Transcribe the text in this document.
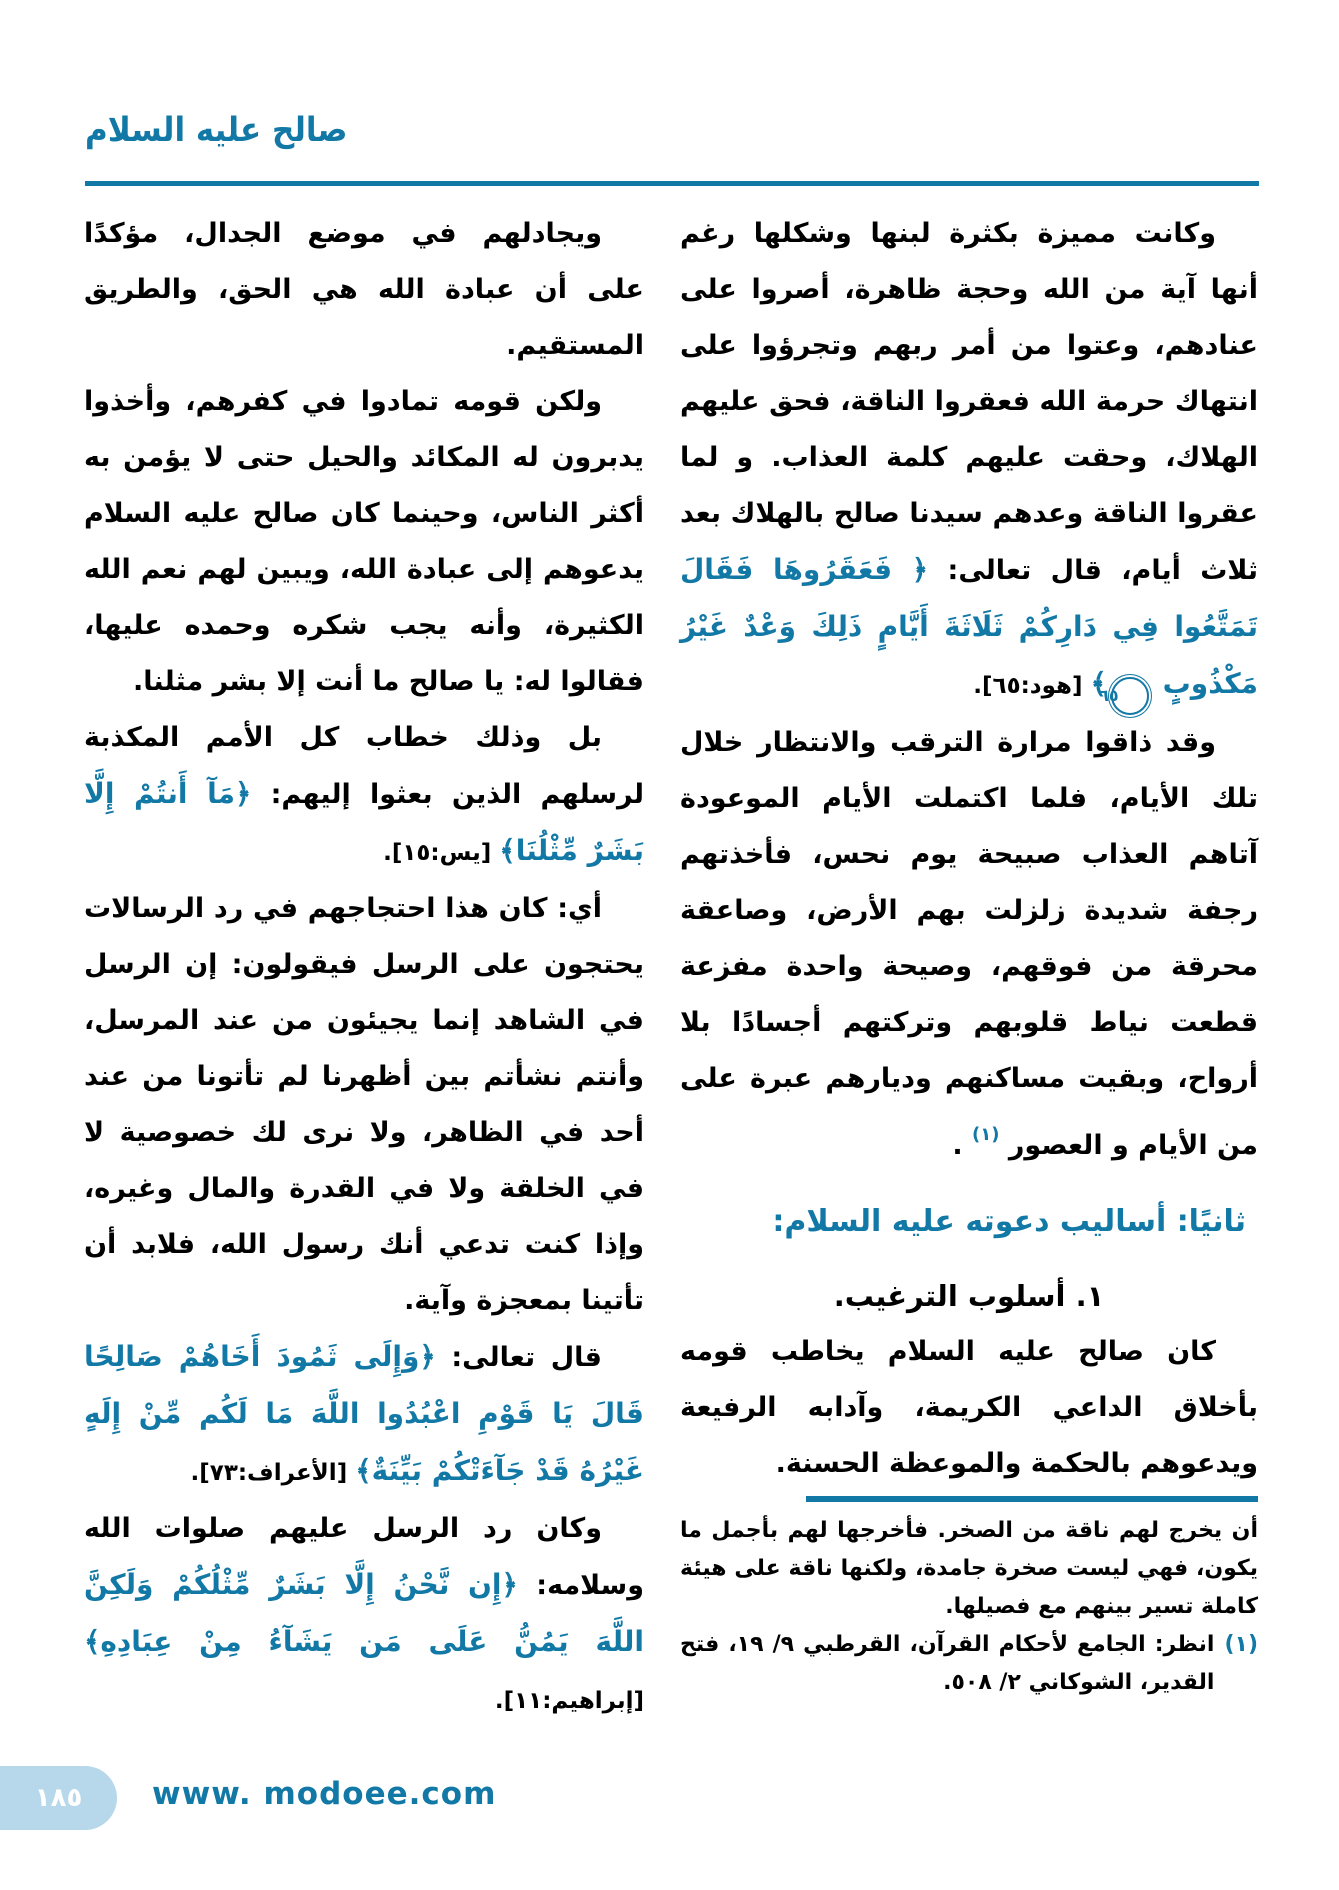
صالح عليه السلام

وكانت مميزة بكثرة لبنها وشكلها رغم أنها آية من الله وحجة ظاهرة، أصروا على عنادهم، وعتوا من أمر ربهم وتجرؤوا على انتهاك حرمة الله فعقروا الناقة، فحق عليهم الهلاك، وحقت عليهم كلمة العذاب. و لما عقروا الناقة وعدهم سيدنا صالح بالهلاك بعد ثلاث أيام، قال تعالى: ﴿ فَعَقَرُوهَا فَقَالَ تَمَتَّعُوا فِي دَارِكُمْ ثَلَاثَةَ أَيَّامٍ ذَلِكَ وَعْدٌ غَيْرُ مَكْذُوبٍ ٦٥﴾ [هود:٦٥].

وقد ذاقوا مرارة الترقب والانتظار خلال تلك الأيام، فلما اكتملت الأيام الموعودة آتاهم العذاب صبيحة يوم نحس، فأخذتهم رجفة شديدة زلزلت بهم الأرض، وصاعقة محرقة من فوقهم، وصيحة واحدة مفزعة قطعت نياط قلوبهم وتركتهم أجسادًا بلا أرواح، وبقيت مساكنهم وديارهم عبرة على من الأيام و العصور $^{(١)}$ .

ثانيًا: أساليب دعوته عليه السلام:

١. أسلوب الترغيب.

كان صالح عليه السلام يخاطب قومه بأخلاق الداعي الكريمة، وآدابه الرفيعة ويدعوهم بالحكمة والموعظة الحسنة.

أن يخرج لهم ناقة من الصخر. فأخرجها لهم بأجمل ما يكون، فهي ليست صخرة جامدة، ولكنها ناقة على هيئة كاملة تسير بينهم مع فصيلها.

(١)

انظر: الجامع لأحكام القرآن، القرطبي ٩/ ١٩، فتح القدير، الشوكاني ٢/ ٥٠٨.

ويجادلهم في موضع الجدال، مؤكدًا على أن عبادة الله هي الحق، والطريق المستقيم.

ولكن قومه تمادوا في كفرهم، وأخذوا يدبرون له المكائد والحيل حتى لا يؤمن به أكثر الناس، وحينما كان صالح عليه السلام يدعوهم إلى عبادة الله، ويبين لهم نعم الله الكثيرة، وأنه يجب شكره وحمده عليها، فقالوا له: يا صالح ما أنت إلا بشر مثلنا.

بل وذلك خطاب كل الأمم المكذبة لرسلهم الذين بعثوا إليهم: ﴿مَآ أَنتُمْ إِلَّا بَشَرٌ مِّثْلُنَا﴾ [يس:١٥].

أي: كان هذا احتجاجهم في رد الرسالات يحتجون على الرسل فيقولون: إن الرسل في الشاهد إنما يجيئون من عند المرسل، وأنتم نشأتم بين أظهرنا لم تأتونا من عند أحد في الظاهر، ولا نرى لك خصوصية لا في الخلقة ولا في القدرة والمال وغيره، وإذا كنت تدعي أنك رسول الله، فلابد أن تأتينا بمعجزة وآية.

قال تعالى: ﴿وَإِلَى ثَمُودَ أَخَاهُمْ صَالِحًا قَالَ يَا قَوْمِ اعْبُدُوا اللَّهَ مَا لَكُم مِّنْ إِلَهٍ غَيْرُهُ قَدْ جَآءَتْكُمْ بَيِّنَةٌ﴾ [الأعراف:٧٣].

وكان رد الرسل عليهم صلوات الله وسلامه: ﴿إِن نَّحْنُ إِلَّا بَشَرٌ مِّثْلُكُمْ وَلَكِنَّ اللَّهَ يَمُنُّ عَلَى مَن يَشَآءُ مِنْ عِبَادِهِ﴾ [إبراهيم:١١].

١٨٥ www. modoee.com
